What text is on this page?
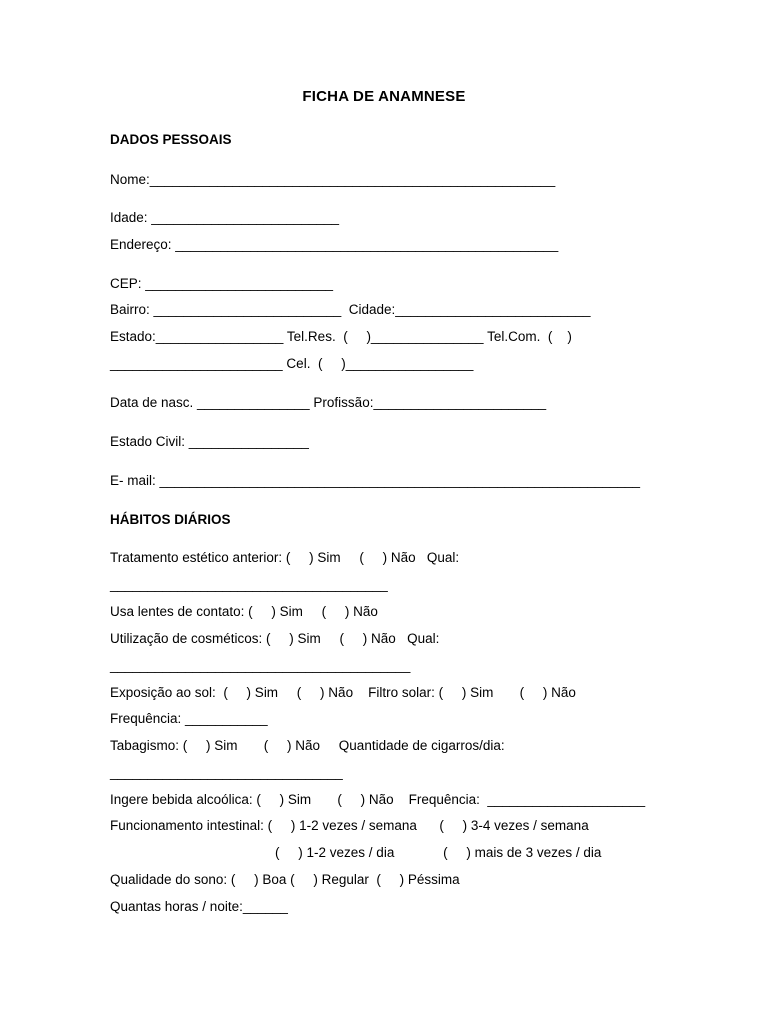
FICHA DE ANAMNESE
DADOS PESSOAIS
Nome:______________________________________________________
Idade: _________________________
Endereço: ___________________________________________________
CEP: _________________________
Bairro: _________________________  Cidade:__________________________
Estado:_________________ Tel.Res.  (     )_______________ Tel.Com.  (    )
_______________________ Cel.  (     )_________________
Data de nasc. _______________ Profissão:_______________________
Estado Civil: ________________
E- mail: ________________________________________________________________
HÁBITOS DIÁRIOS
Tratamento estético anterior: (     ) Sim     (     ) Não   Qual:
_____________________________________
Usa lentes de contato: (     ) Sim     (     ) Não
Utilização de cosméticos: (     ) Sim     (     ) Não   Qual:
________________________________________
Exposição ao sol:  (     ) Sim     (     ) Não    Filtro solar: (     ) Sim       (     ) Não
Frequência: ___________
Tabagismo: (     ) Sim       (     ) Não     Quantidade de cigarros/dia:
_______________________________
Ingere bebida alcoólica: (     ) Sim       (     ) Não    Frequência:  _____________________
Funcionamento intestinal: (     ) 1-2 vezes / semana      (     ) 3-4 vezes / semana
(     ) 1-2 vezes / dia             (     ) mais de 3 vezes / dia
Qualidade do sono: (     ) Boa (     ) Regular  (     ) Péssima
Quantas horas / noite:______
